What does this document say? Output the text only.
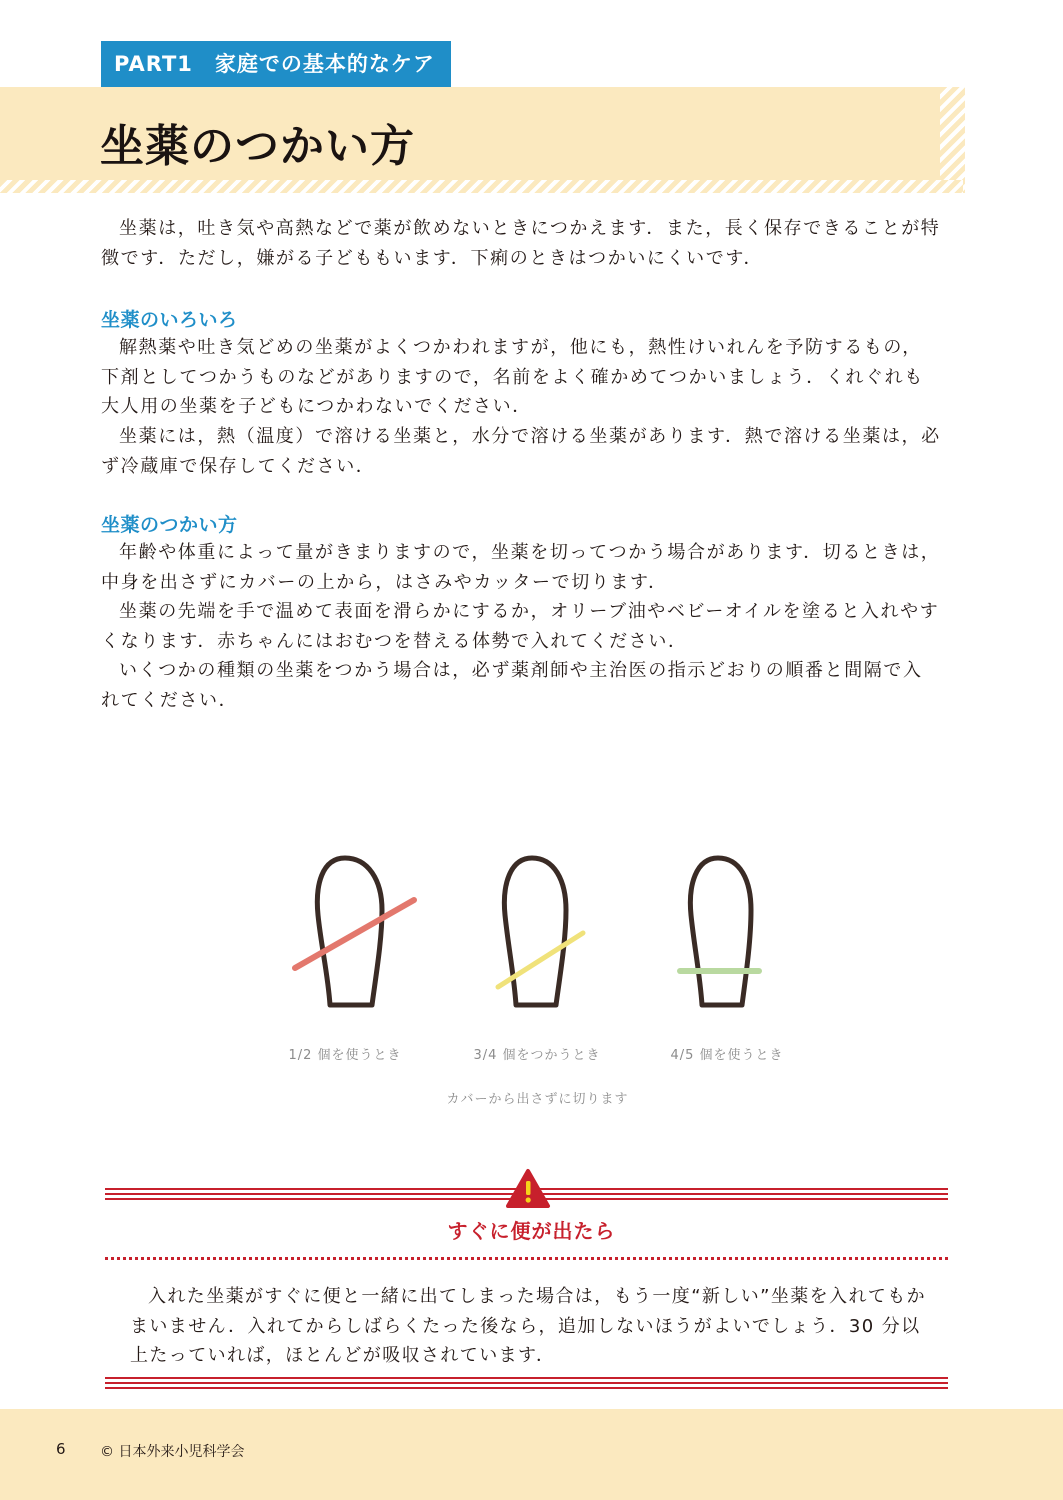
PART1　家庭での基本的なケア
坐薬のつかい方

坐薬は，吐き気や高熱などで薬が飲めないときにつかえます．また，長く保存できることが特徴です．ただし，嫌がる子どももいます．下痢のときはつかいにくいです．

坐薬のいろいろ

解熱薬や吐き気どめの坐薬がよくつかわれますが，他にも，熱性けいれんを予防するもの，下剤としてつかうものなどがありますので，名前をよく確かめてつかいましょう．くれぐれも大人用の坐薬を子どもにつかわないでください．

坐薬には，熱（温度）で溶ける坐薬と，水分で溶ける坐薬があります．熱で溶ける坐薬は，必ず冷蔵庫で保存してください．

坐薬のつかい方

年齢や体重によって量がきまりますので，坐薬を切ってつかう場合があります．切るときは，中身を出さずにカバーの上から，はさみやカッターで切ります．

坐薬の先端を手で温めて表面を滑らかにするか，オリーブ油やベビーオイルを塗ると入れやすくなります．赤ちゃんにはおむつを替える体勢で入れてください．

いくつかの種類の坐薬をつかう場合は，必ず薬剤師や主治医の指示どおりの順番と間隔で入れてください．

1/2 個を使うとき	3/4 個をつかうとき	4/5 個を使うとき
カバーから出さずに切ります
すぐに便が出たら

入れた坐薬がすぐに便と一緒に出てしまった場合は，もう一度“新しい”坐薬を入れてもかまいません．入れてからしばらくたった後なら，追加しないほうがよいでしょう．30 分以上たっていれば，ほとんどが吸収されています．

6 © 日本外来小児科学会
